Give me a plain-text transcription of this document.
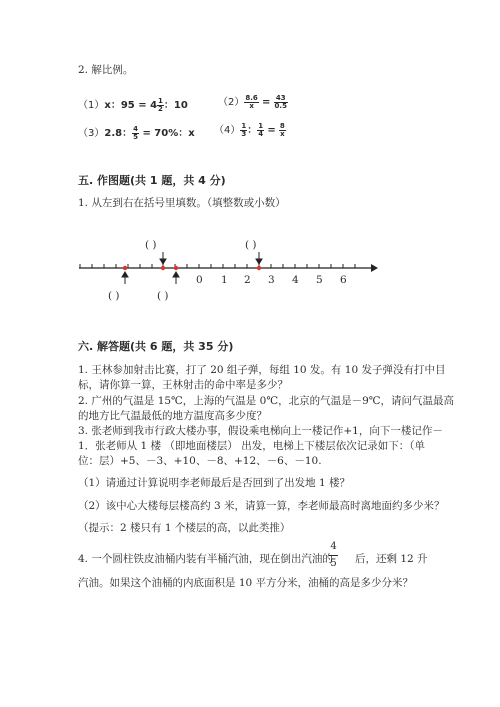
2. 解比例。
（1）x：$95 = 4 \frac{1}{2}$ ：10	$(2) \frac{8.6}{x} = \frac{43}{0.5}$
（3）2.8： $\frac{4}{5} = 70\%$：x $(4) \frac{1}{3}$ ： $\frac{1}{4} = \frac{8}{x}$
五. 作图题(共 1 题，共 4 分)
1. 从左到右在括号里填数。（填整数或小数）
( )	( )
( )	( )
0 1 2 3 4 5 6
六. 解答题(共 6 题，共 35 分)
1. 王林参加射击比赛，打了 20 组子弹，每组 10 发。有 10 发子弹没有打中目
标，请你算一算，王林射击的命中率是多少？
2. 广州的气温是 15℃，上海的气温是 0℃，北京的气温是－9℃，请问气温最高
的地方比气温最低的地方温度高多少度？
3. 张老师到我市行政大楼办事，假设乘电梯向上一楼记作+1，向下一楼记作－
1．张老师从 1 楼 （即地面楼层） 出发，电梯上下楼层依次记录如下：（单
位：层）+5、－3、+10、－8、+12、－6、－10.
（1）请通过计算说明李老师最后是否回到了出发地 1 楼？
（2）该中心大楼每层楼高约 3 米，请算一算，李老师最高时离地面约多少米？
（提示：2 楼只有 1 个楼层的高，以此类推）
4. 一个圆柱铁皮油桶内装有半桶汽油，现在倒出汽油的
4
5 后，还剩 12 升
汽油。如果这个油桶的内底面积是 10 平方分米，油桶的高是多少分米？
